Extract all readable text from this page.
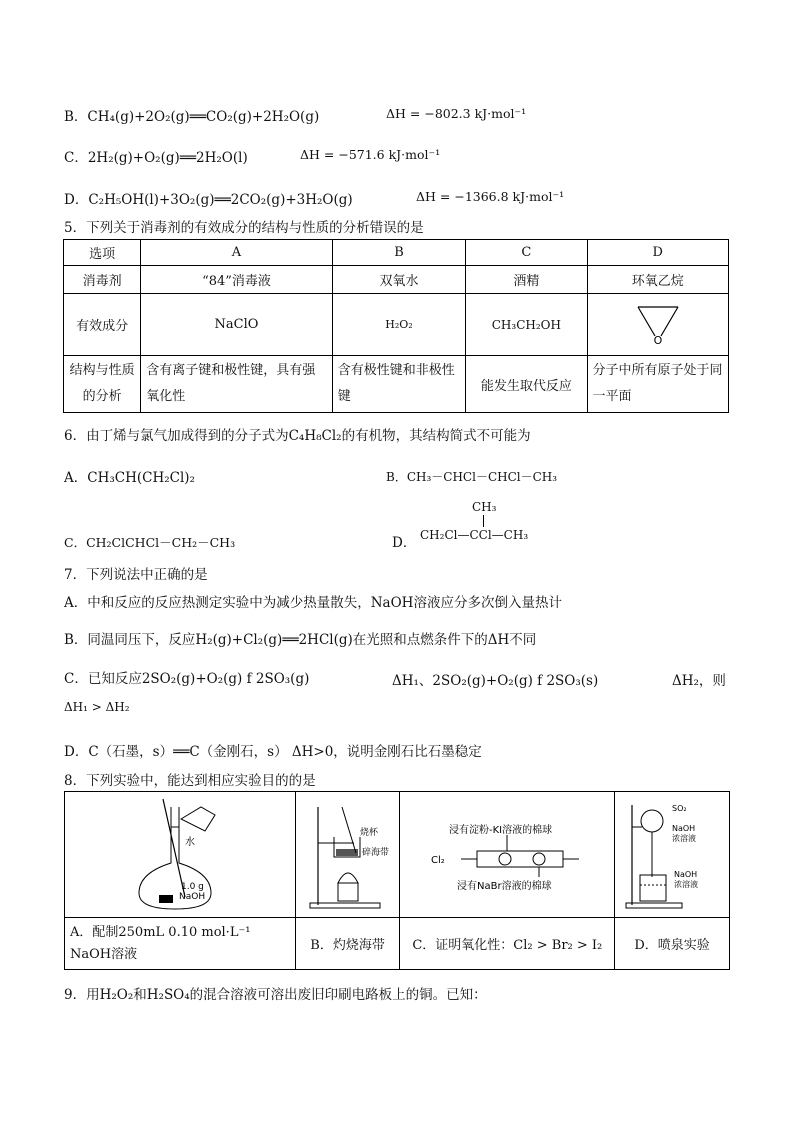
B．CH₄(g)+2O₂(g)══CO₂(g)+2H₂O(g)	ΔH = −802.3 kJ·mol⁻¹
C．2H₂(g)+O₂(g)══2H₂O(l)	ΔH = −571.6 kJ·mol⁻¹
D．C₂H₅OH(l)+3O₂(g)══2CO₂(g)+3H₂O(g)	ΔH = −1366.8 kJ·mol⁻¹
5．下列关于消毒剂的有效成分的结构与性质的分析错误的是
选项	A	B	C	D
消毒剂	“84”消毒液	双氧水	酒精	环氧乙烷
有效成分	NaClO	H₂O₂	CH₃CH₂OH	O

结构与性质的分析	含有离子键和极性键，具有强氧化性	含有极性键和非极性键	能发生取代反应	分子中所有原子处于同一平面
6．由丁烯与氯气加成得到的分子式为C₄H₈Cl₂的有机物，其结构简式不可能为
A．CH₃CH(CH₂Cl)₂	B．CH₃－CHCl－CHCl－CH₃
C．CH₂ClCHCl－CH₂－CH₃	D．
CH₃
CH₂Cl—CCl—CH₃
7．下列说法中正确的是
A．中和反应的反应热测定实验中为减少热量散失，NaOH溶液应分多次倒入量热计
B．同温同压下，反应H₂(g)+Cl₂(g)══2HCl(g)在光照和点燃条件下的ΔH不同
C．已知反应2SO₂(g)+O₂(g) f 2SO₃(g)	ΔH₁、2SO₂(g)+O₂(g) f 2SO₃(s)	ΔH₂，则
ΔH₁ > ΔH₂
D．C（石墨，s）══C（金刚石，s） ΔH>0，说明金刚石比石墨稳定
8．下列实验中，能达到相应实验目的的是
水
1.0 g
NaOH	烧杯
碎海带	浸有淀粉-KI溶液的棉球
Cl₂
浸有NaBr溶液的棉球	SO₂
NaOH
浓溶液
NaOH
浓溶液

A．配制250mL 0.10 mol·L⁻¹ NaOH溶液	B．灼烧海带	C．证明氧化性：Cl₂ > Br₂ > I₂	D．喷泉实验
9．用H₂O₂和H₂SO₄的混合溶液可溶出废旧印刷电路板上的铜。已知：
